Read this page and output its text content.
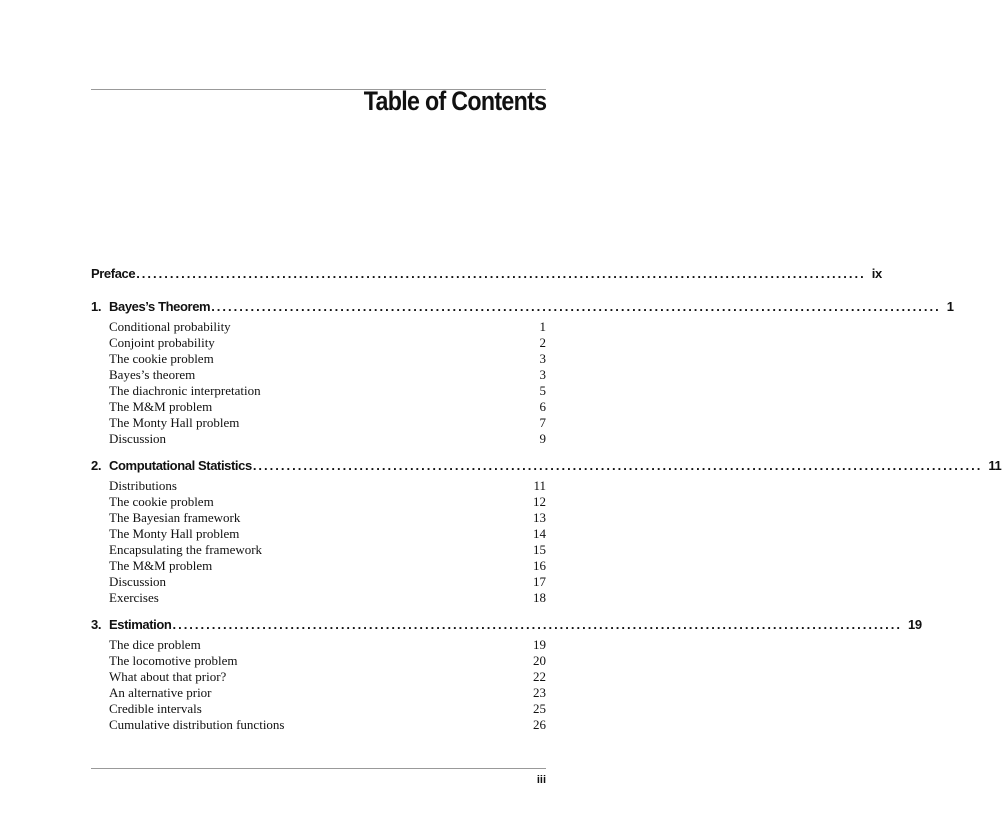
Table of Contents
Preface .................................................................................................................................. ix
1. Bayes’s Theorem .................................................................................................................................. 1
Conditional probability	1
Conjoint probability	2
The cookie problem	3
Bayes’s theorem	3
The diachronic interpretation	5
The M&M problem	6
The Monty Hall problem	7
Discussion	9
2. Computational Statistics .................................................................................................................................. 11
Distributions	11
The cookie problem	12
The Bayesian framework	13
The Monty Hall problem	14
Encapsulating the framework	15
The M&M problem	16
Discussion	17
Exercises	18
3. Estimation .................................................................................................................................. 19
The dice problem	19
The locomotive problem	20
What about that prior?	22
An alternative prior	23
Credible intervals	25
Cumulative distribution functions	26
iii
